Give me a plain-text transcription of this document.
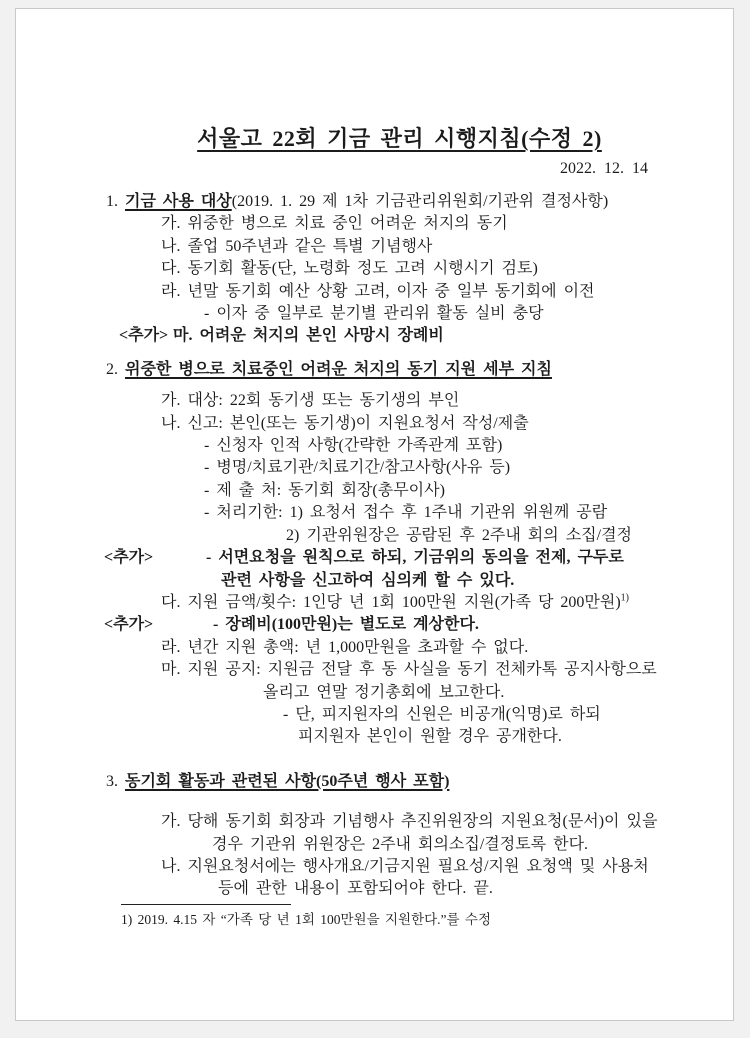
서울고 22회 기금 관리 시행지침(수정 2)
2022. 12. 14
1. 기금 사용 대상(2019. 1. 29 제 1차 기금관리위원회/기관위 결정사항)
가. 위중한 병으로 치료 중인 어려운 처지의 동기
나. 졸업 50주년과 같은 특별 기념행사
다. 동기회 활동(단, 노령화 정도 고려 시행시기 검토)
라. 년말 동기회 예산 상황 고려, 이자 중 일부 동기회에 이전
- 이자 중 일부로 분기별 관리위 활동 실비 충당
<추가> 마. 어려운 처지의 본인 사망시 장례비
2. 위중한 병으로 치료중인 어려운 처지의 동기 지원 세부 지침
가. 대상: 22회 동기생 또는 동기생의 부인
나. 신고: 본인(또는 동기생)이 지원요청서 작성/제출
- 신청자 인적 사항(간략한 가족관계 포함)
- 병명/치료기관/치료기간/참고사항(사유 등)
- 제 출 처: 동기회 회장(총무이사)
- 처리기한: 1) 요청서 접수 후 1주내 기관위 위원께 공람
2) 기관위원장은 공람된 후 2주내 회의 소집/결정
<추가>	- 서면요청을 원칙으로 하되, 기금위의 동의을 전제, 구두로
관련 사항을 신고하여 심의케 할 수 있다.
다. 지원 금액/횟수: 1인당 년 1회 100만원 지원(가족 당 200만원)$^{1)}$
<추가>	- 장례비(100만원)는 별도로 계상한다.
라. 년간 지원 총액: 년 1,000만원을 초과할 수 없다.
마. 지원 공지: 지원금 전달 후 동 사실을 동기 전체카톡 공지사항으로
올리고 연말 정기총회에 보고한다.
- 단, 피지원자의 신원은 비공개(익명)로 하되
피지원자 본인이 원할 경우 공개한다.
3. 동기회 활동과 관련된 사항(50주년 행사 포함)
가. 당해 동기회 회장과 기념행사 추진위원장의 지원요청(문서)이 있을
경우 기관위 위원장은 2주내 회의소집/결정토록 한다.
나. 지원요청서에는 행사개요/기금지원 필요성/지원 요청액 및 사용처
등에 관한 내용이 포함되어야 한다. 끝.
1) 2019. 4.15 자 “가족 당 년 1회 100만원을 지원한다.”를 수정
